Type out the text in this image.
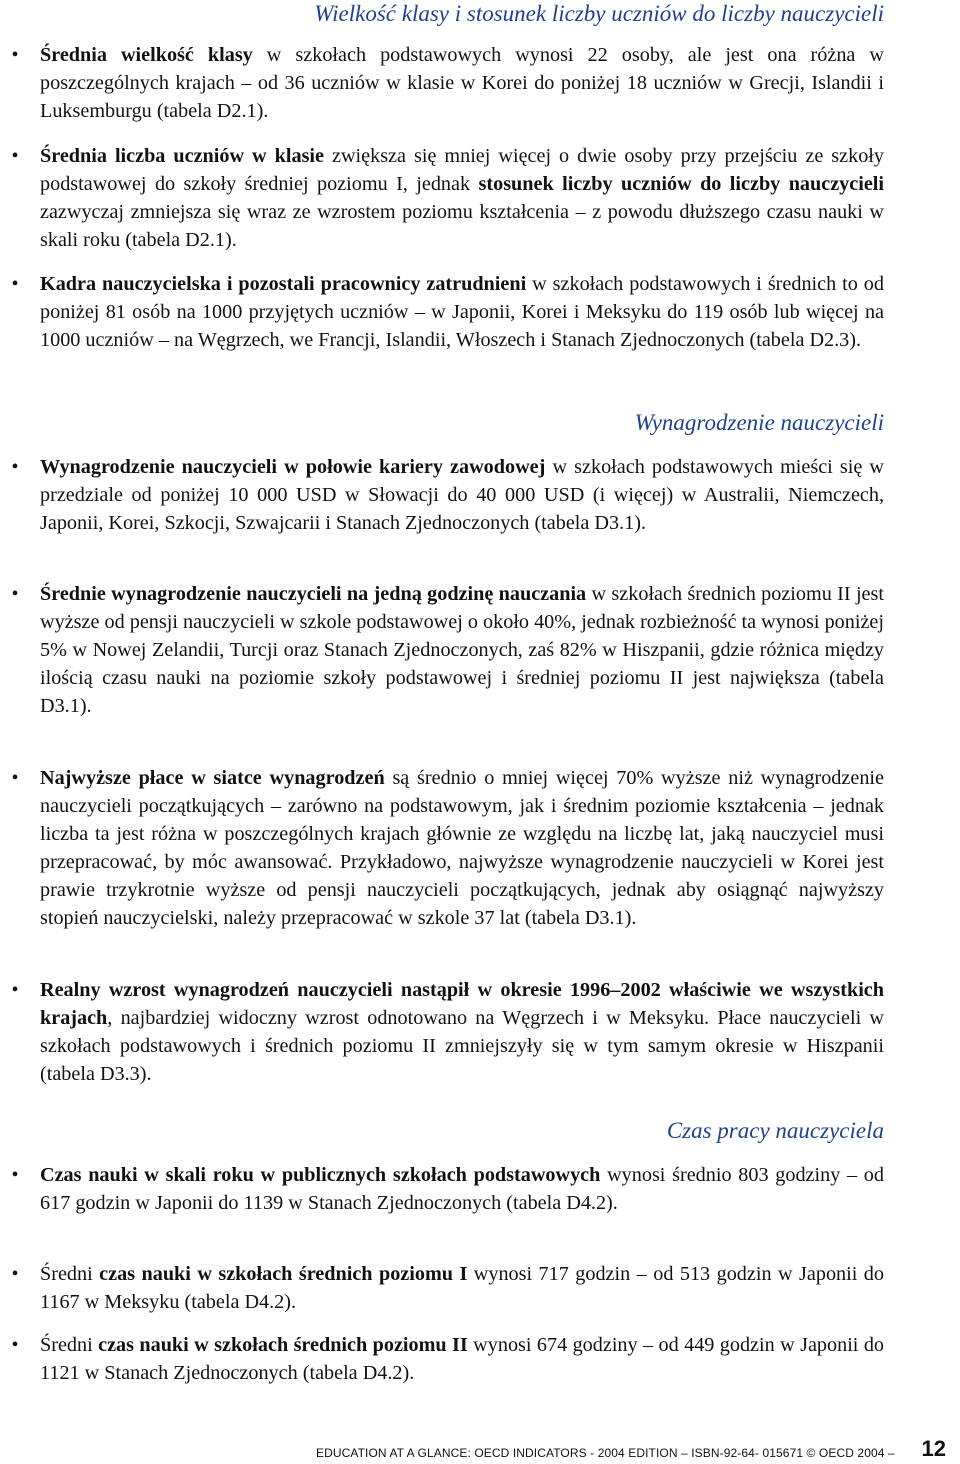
Wielkość klasy i stosunek liczby uczniów do liczby nauczycieli
•
Średnia wielkość klasy w szkołach podstawowych wynosi 22 osoby, ale jest ona różna w poszczególnych krajach – od 36 uczniów w klasie w Korei do poniżej 18 uczniów w Grecji, Islandii i Luksemburgu (tabela D2.1).
•
Średnia liczba uczniów w klasie zwiększa się mniej więcej o dwie osoby przy przejściu ze szkoły podstawowej do szkoły średniej poziomu I, jednak stosunek liczby uczniów do liczby nauczycieli zazwyczaj zmniejsza się wraz ze wzrostem poziomu kształcenia – z powodu dłuższego czasu nauki w skali roku (tabela D2.1).
•
Kadra nauczycielska i pozostali pracownicy zatrudnieni w szkołach podstawowych i średnich to od poniżej 81 osób na 1000 przyjętych uczniów – w Japonii, Korei i Meksyku do 119 osób lub więcej na 1000 uczniów – na Węgrzech, we Francji, Islandii, Włoszech i Stanach Zjednoczonych (tabela D2.3).
Wynagrodzenie nauczycieli
•
Wynagrodzenie nauczycieli w połowie kariery zawodowej w szkołach podstawowych mieści się w przedziale od poniżej 10 000 USD w Słowacji do 40 000 USD (i więcej) w Australii, Niemczech, Japonii, Korei, Szkocji, Szwajcarii i Stanach Zjednoczonych (tabela D3.1).
•
Średnie wynagrodzenie nauczycieli na jedną godzinę nauczania w szkołach średnich poziomu II jest wyższe od pensji nauczycieli w szkole podstawowej o około 40%, jednak rozbieżność ta wynosi poniżej 5% w Nowej Zelandii, Turcji oraz Stanach Zjednoczonych, zaś 82% w Hiszpanii, gdzie różnica między ilością czasu nauki na poziomie szkoły podstawowej i średniej poziomu II jest największa (tabela D3.1).
•
Najwyższe płace w siatce wynagrodzeń są średnio o mniej więcej 70% wyższe niż wynagrodzenie nauczycieli początkujących – zarówno na podstawowym, jak i średnim poziomie kształcenia – jednak liczba ta jest różna w poszczególnych krajach głównie ze względu na liczbę lat, jaką nauczyciel musi przepracować, by móc awansować. Przykładowo, najwyższe wynagrodzenie nauczycieli w Korei jest prawie trzykrotnie wyższe od pensji nauczycieli początkujących, jednak aby osiągnąć najwyższy stopień nauczycielski, należy przepracować w szkole 37 lat (tabela D3.1).
•
Realny wzrost wynagrodzeń nauczycieli nastąpił w okresie 1996–2002 właściwie we wszystkich krajach, najbardziej widoczny wzrost odnotowano na Węgrzech i w Meksyku. Płace nauczycieli w szkołach podstawowych i średnich poziomu II zmniejszyły się w tym samym okresie w Hiszpanii (tabela D3.3).
Czas pracy nauczyciela
•
Czas nauki w skali roku w publicznych szkołach podstawowych wynosi średnio 803 godziny – od 617 godzin w Japonii do 1139 w Stanach Zjednoczonych (tabela D4.2).
•
Średni czas nauki w szkołach średnich poziomu I wynosi 717 godzin – od 513 godzin w Japonii do 1167 w Meksyku (tabela D4.2).
•
Średni czas nauki w szkołach średnich poziomu II wynosi 674 godziny – od 449 godzin w Japonii do 1121 w Stanach Zjednoczonych (tabela D4.2).
EDUCATION AT A GLANCE: OECD INDICATORS - 2004 EDITION – ISBN-92-64- 015671 © OECD 2004 – 12
